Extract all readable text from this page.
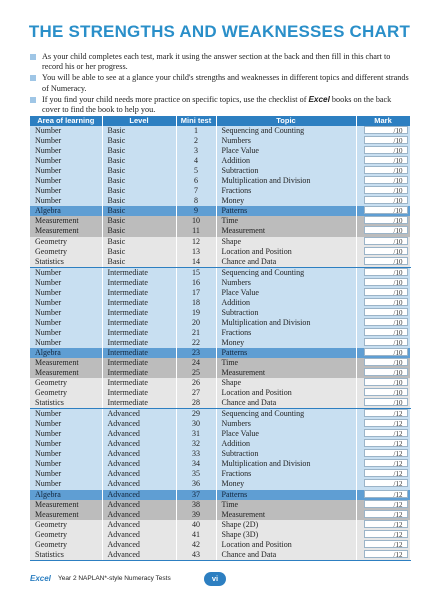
THE STRENGTHS AND WEAKNESSES CHART

As your child completes each test, mark it using the answer section at the back and then fill in this chart to record his or her progress.

You will be able to see at a glance your child's strengths and weaknesses in different topics and different strands of Numeracy.

If you find your child needs more practice on specific topics, use the checklist of Excel books on the back cover to find the book to help you.

Area of learning	Level	Mini test	Topic	Mark
Number	Basic	1	Sequencing and Counting	/10
Number	Basic	2	Numbers	/10
Number	Basic	3	Place Value	/10
Number	Basic	4	Addition	/10
Number	Basic	5	Subtraction	/10
Number	Basic	6	Multiplication and Division	/10
Number	Basic	7	Fractions	/10
Number	Basic	8	Money	/10
Algebra	Basic	9	Patterns	/10
Measurement	Basic	10	Time	/10
Measurement	Basic	11	Measurement	/10
Geometry	Basic	12	Shape	/10
Geometry	Basic	13	Location and Position	/10
Statistics	Basic	14	Chance and Data	/10
Number	Intermediate	15	Sequencing and Counting	/10
Number	Intermediate	16	Numbers	/10
Number	Intermediate	17	Place Value	/10
Number	Intermediate	18	Addition	/10
Number	Intermediate	19	Subtraction	/10
Number	Intermediate	20	Multiplication and Division	/10
Number	Intermediate	21	Fractions	/10
Number	Intermediate	22	Money	/10
Algebra	Intermediate	23	Patterns	/10
Measurement	Intermediate	24	Time	/10
Measurement	Intermediate	25	Measurement	/10
Geometry	Intermediate	26	Shape	/10
Geometry	Intermediate	27	Location and Position	/10
Statistics	Intermediate	28	Chance and Data	/10
Number	Advanced	29	Sequencing and Counting	/12
Number	Advanced	30	Numbers	/12
Number	Advanced	31	Place Value	/12
Number	Advanced	32	Addition	/12
Number	Advanced	33	Subtraction	/12
Number	Advanced	34	Multiplication and Division	/12
Number	Advanced	35	Fractions	/12
Number	Advanced	36	Money	/12
Algebra	Advanced	37	Patterns	/12
Measurement	Advanced	38	Time	/12
Measurement	Advanced	39	Measurement	/12
Geometry	Advanced	40	Shape (2D)	/12
Geometry	Advanced	41	Shape (3D)	/12
Geometry	Advanced	42	Location and Position	/12
Statistics	Advanced	43	Chance and Data	/12
Excel Year 2 NAPLAN*-style Numeracy Tests	vi
